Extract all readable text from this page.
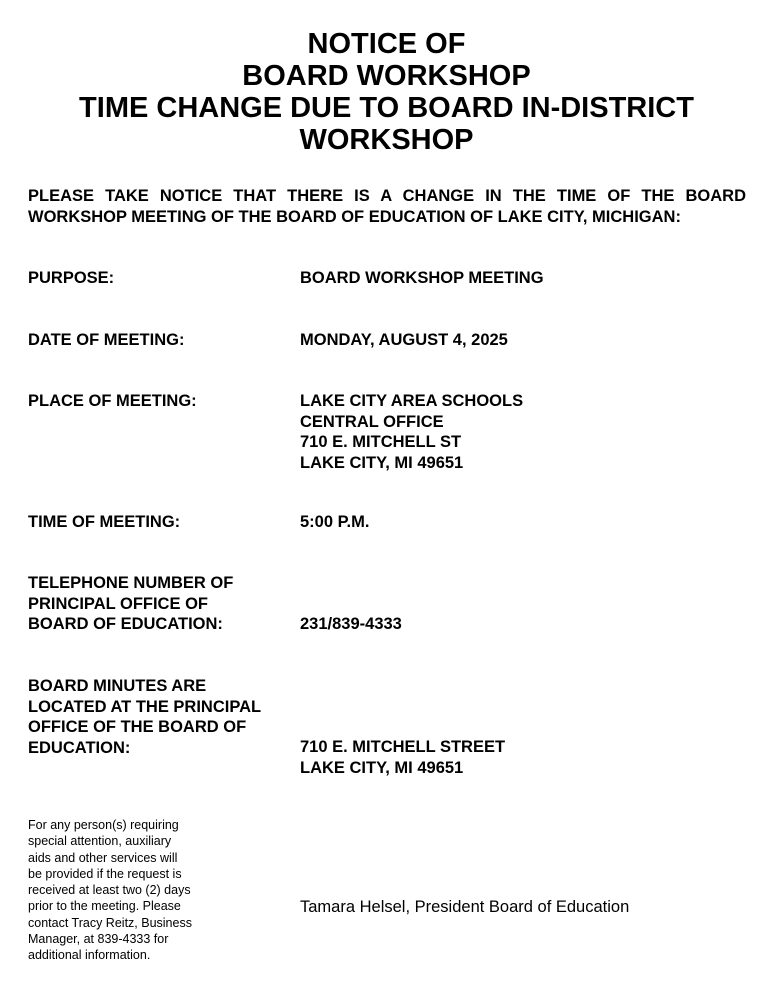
NOTICE OF
BOARD WORKSHOP
TIME CHANGE DUE TO BOARD IN-DISTRICT
WORKSHOP
PLEASE TAKE NOTICE THAT THERE IS A CHANGE IN THE TIME OF THE BOARD WORKSHOP MEETING OF THE BOARD OF EDUCATION OF LAKE CITY, MICHIGAN:
PURPOSE:	BOARD WORKSHOP MEETING
DATE OF MEETING:	MONDAY, AUGUST 4, 2025
PLACE OF MEETING:	LAKE CITY AREA SCHOOLS
CENTRAL OFFICE
710 E. MITCHELL ST
LAKE CITY, MI 49651
TIME OF MEETING:	5:00 P.M.
TELEPHONE NUMBER OF
PRINCIPAL OFFICE OF
BOARD OF EDUCATION:	231/839-4333
BOARD MINUTES ARE
LOCATED AT THE PRINCIPAL
OFFICE OF THE BOARD OF
EDUCATION:	710 E. MITCHELL STREET
LAKE CITY, MI 49651
For any person(s) requiring
special attention, auxiliary
aids and other services will
be provided if the request is
received at least two (2) days
prior to the meeting. Please
contact Tracy Reitz, Business
Manager, at 839-4333 for
additional information.
Tamara Helsel, President Board of Education
